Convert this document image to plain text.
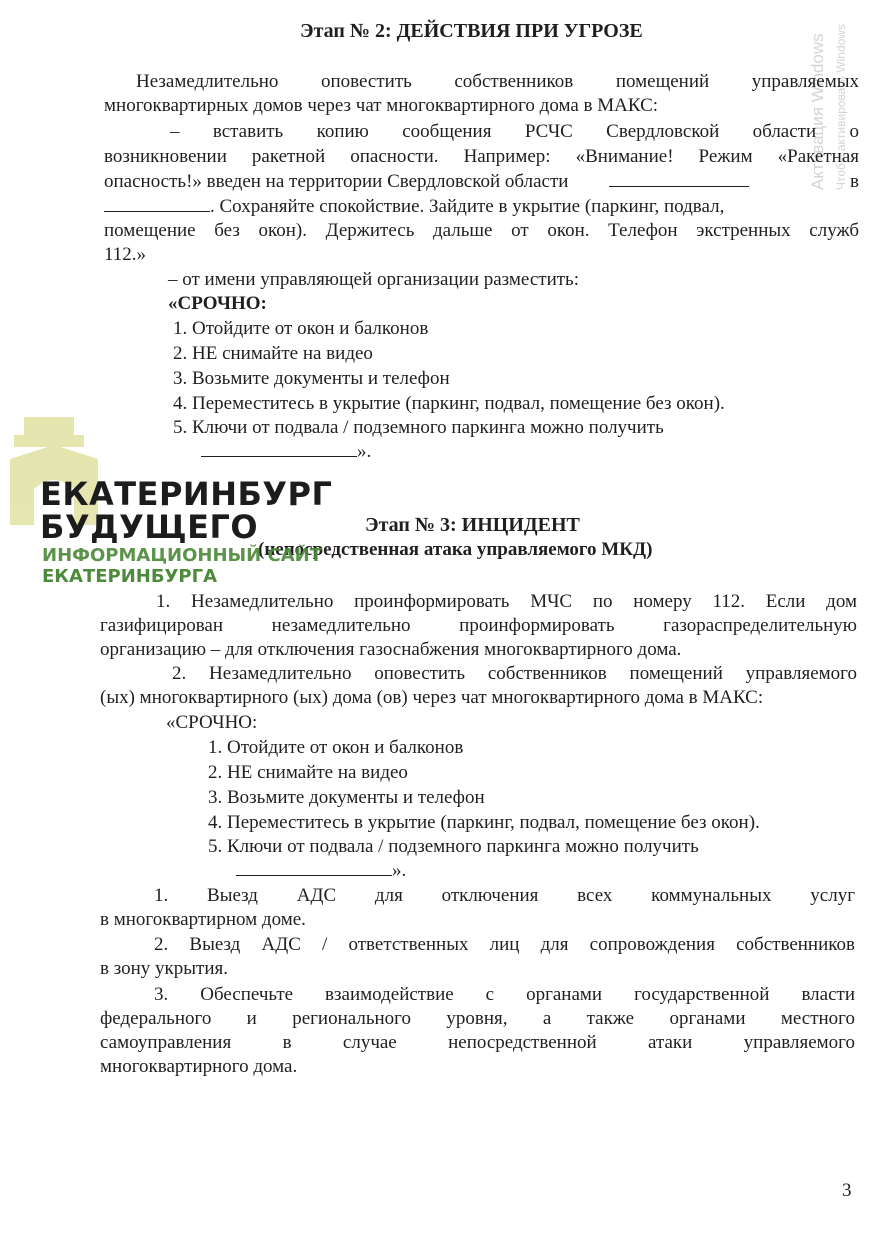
Активация Windows Чтобы активировать Windows
Этап № 2: ДЕЙСТВИЯ ПРИ УГРОЗЕ
Незамедлительно оповестить собственников помещений управляемых
многоквартирных домов через чат многоквартирного дома в МАКС:
– вставить копию сообщения РСЧС Свердловской области о
возникновении ракетной опасности. Например: «Внимание! Режим «Ракетная
опасность!» введен на территории Свердловской области	в
. Сохраняйте спокойствие. Зайдите в укрытие (паркинг, подвал,
помещение без окон). Держитесь дальше от окон. Телефон экстренных служб
112.»
– от имени управляющей организации разместить:
«СРОЧНО:
1. Отойдите от окон и балконов
2. НЕ снимайте на видео
3. Возьмите документы и телефон
4. Переместитесь в укрытие (паркинг, подвал, помещение без окон).
5. Ключи от подвала / подземного паркинга можно получить
».
ЕКАТЕРИНБУРГ
БУДУЩЕГО	Этап № 3: ИНЦИДЕНТ
(непосредственная атака управляемого МКД)
ИНФОРМАЦИОННЫЙ САЙТ
ЕКАТЕРИНБУРГА
1. Незамедлительно проинформировать МЧС по номеру 112. Если дом
газифицирован незамедлительно проинформировать газораспределительную
организацию – для отключения газоснабжения многоквартирного дома.
2. Незамедлительно оповестить собственников помещений управляемого
(ых) многоквартирного (ых) дома (ов) через чат многоквартирного дома в МАКС:
«СРОЧНО:
1. Отойдите от окон и балконов
2. НЕ снимайте на видео
3. Возьмите документы и телефон
4. Переместитесь в укрытие (паркинг, подвал, помещение без окон).
5. Ключи от подвала / подземного паркинга можно получить
».
1. Выезд АДС для отключения всех коммунальных услуг
в многоквартирном доме.
2. Выезд АДС / ответственных лиц для сопровождения собственников
в зону укрытия.
3. Обеспечьте взаимодействие с органами государственной власти
федерального и регионального уровня, а также органами местного
самоуправления в случае непосредственной атаки управляемого
многоквартирного дома.
3
